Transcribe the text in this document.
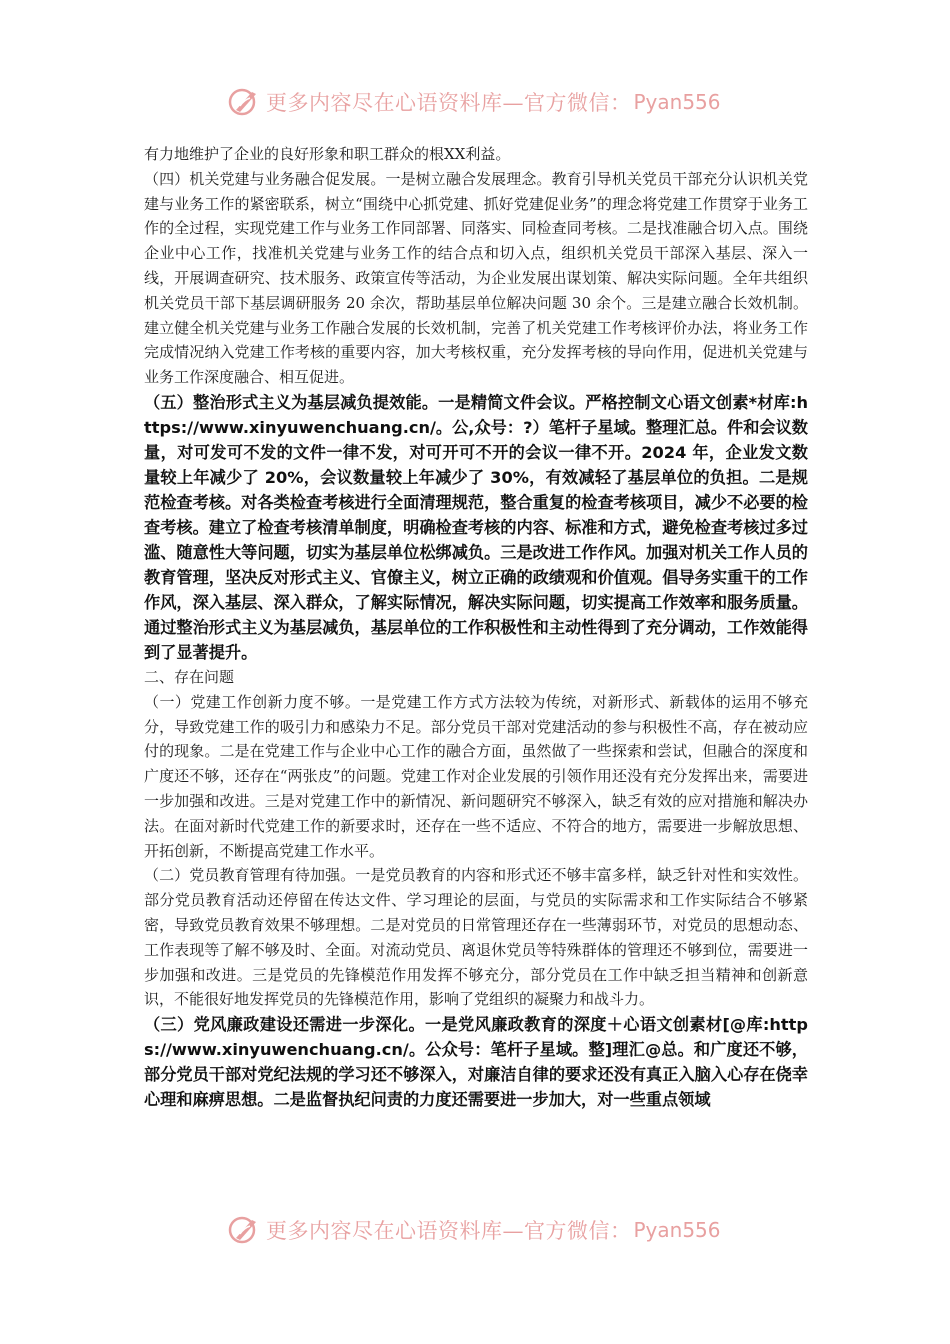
更多内容尽在心语资料库—官方微信： Pyan556

有力地维护了企业的良好形象和职工群众的根XX利益。

（四）机关党建与业务融合促发展。一是树立融合发展理念。教育引导机关党员干部充分认识机关党建与业务工作的紧密联系，树立“围绕中心抓党建、抓好党建促业务”的理念将党建工作贯穿于业务工作的全过程，实现党建工作与业务工作同部署、同落实、同检查同考核。二是找准融合切入点。围绕企业中心工作，找准机关党建与业务工作的结合点和切入点，组织机关党员干部深入基层、深入一线，开展调查研究、技术服务、政策宣传等活动，为企业发展出谋划策、解决实际问题。全年共组织机关党员干部下基层调研服务 20 余次，帮助基层单位解决问题 30 余个。三是建立融合长效机制。建立健全机关党建与业务工作融合发展的长效机制，完善了机关党建工作考核评价办法，将业务工作完成情况纳入党建工作考核的重要内容，加大考核权重，充分发挥考核的导向作用，促进机关党建与业务工作深度融合、相互促进。

（五）整治形式主义为基层减负提效能。一是精简文件会议。严格控制文心语文创素*材库:https://www.xinyuwenchuang.cn/。公,众号：?）笔杆子星域。整理汇总。件和会议数量，对可发可不发的文件一律不发，对可开可不开的会议一律不开。2024 年，企业发文数量较上年减少了 20%，会议数量较上年减少了 30%，有效减轻了基层单位的负担。二是规范检查考核。对各类检查考核进行全面清理规范，整合重复的检查考核项目，减少不必要的检查考核。建立了检查考核清单制度，明确检查考核的内容、标准和方式，避免检查考核过多过滥、随意性大等问题，切实为基层单位松绑减负。三是改进工作作风。加强对机关工作人员的教育管理，坚决反对形式主义、官僚主义，树立正确的政绩观和价值观。倡导务实重干的工作作风，深入基层、深入群众，了解实际情况，解决实际问题，切实提高工作效率和服务质量。通过整治形式主义为基层减负，基层单位的工作积极性和主动性得到了充分调动，工作效能得到了显著提升。

二、存在问题

（一）党建工作创新力度不够。一是党建工作方式方法较为传统，对新形式、新载体的运用不够充分，导致党建工作的吸引力和感染力不足。部分党员干部对党建活动的参与积极性不高，存在被动应付的现象。二是在党建工作与企业中心工作的融合方面，虽然做了一些探索和尝试，但融合的深度和广度还不够，还存在“两张皮”的问题。党建工作对企业发展的引领作用还没有充分发挥出来，需要进一步加强和改进。三是对党建工作中的新情况、新问题研究不够深入，缺乏有效的应对措施和解决办法。在面对新时代党建工作的新要求时，还存在一些不适应、不符合的地方，需要进一步解放思想、开拓创新，不断提高党建工作水平。

（二）党员教育管理有待加强。一是党员教育的内容和形式还不够丰富多样，缺乏针对性和实效性。部分党员教育活动还停留在传达文件、学习理论的层面，与党员的实际需求和工作实际结合不够紧密，导致党员教育效果不够理想。二是对党员的日常管理还存在一些薄弱环节，对党员的思想动态、工作表现等了解不够及时、全面。对流动党员、离退休党员等特殊群体的管理还不够到位，需要进一步加强和改进。三是党员的先锋模范作用发挥不够充分，部分党员在工作中缺乏担当精神和创新意识，不能很好地发挥党员的先锋模范作用，影响了党组织的凝聚力和战斗力。

（三）党风廉政建设还需进一步深化。一是党风廉政教育的深度＋心语文创素材[@库:https://www.xinyuwenchuang.cn/。公众号：笔杆子星域。整]理汇@总。和广度还不够，部分党员干部对党纪法规的学习还不够深入，对廉洁自律的要求还没有真正入脑入心存在侥幸心理和麻痹思想。二是监督执纪问责的力度还需要进一步加大，对一些重点领域

更多内容尽在心语资料库—官方微信： Pyan556
